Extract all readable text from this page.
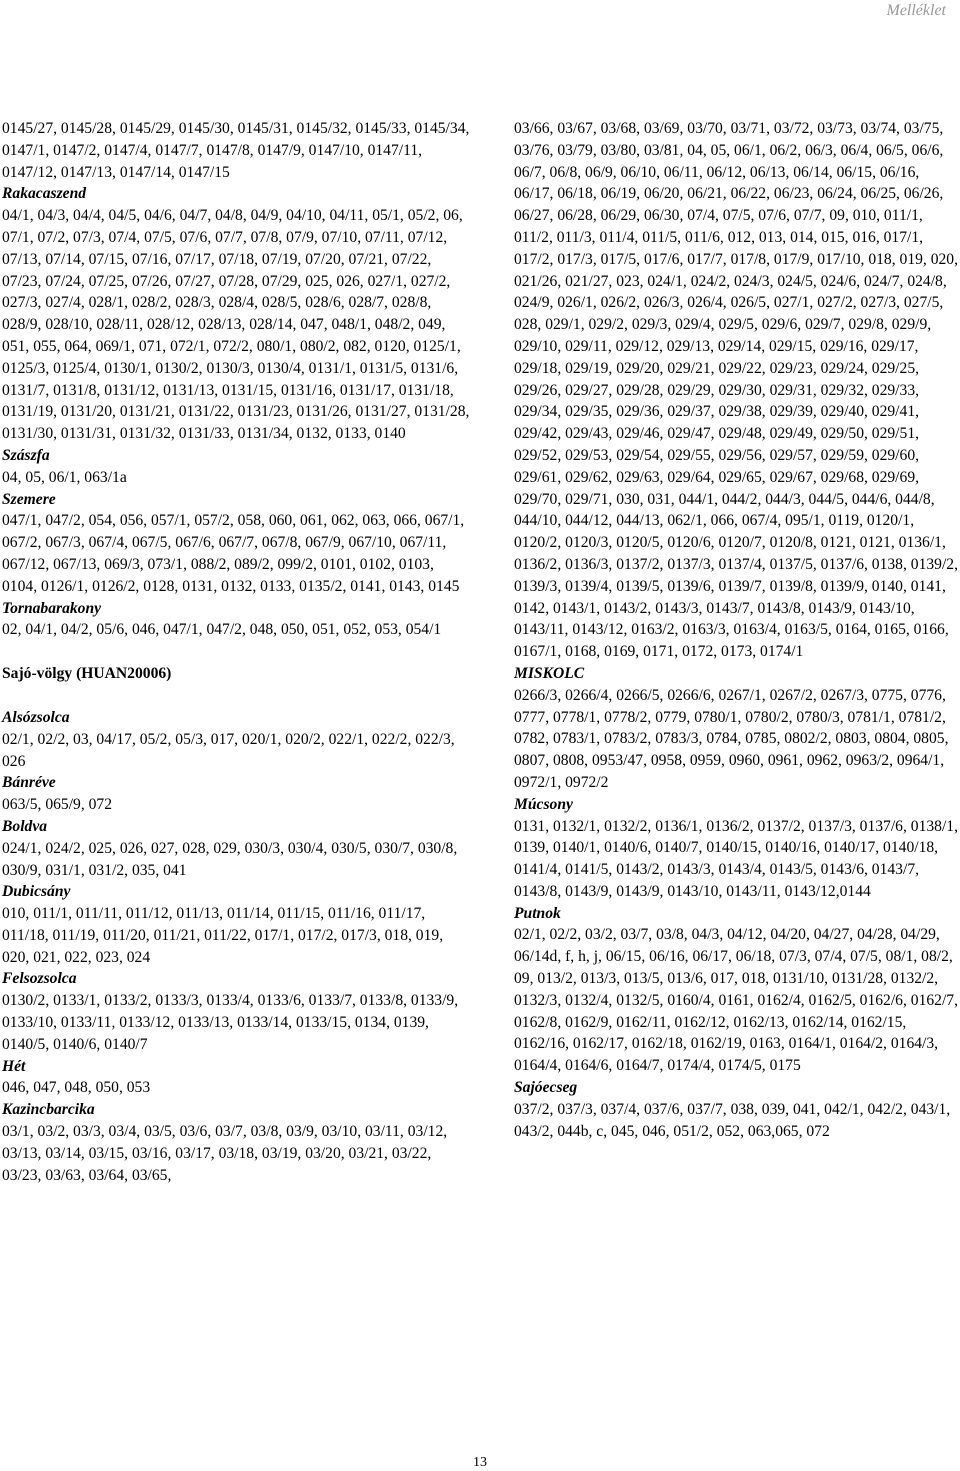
Melléklet
0145/27, 0145/28, 0145/29, 0145/30, 0145/31, 0145/32, 0145/33, 0145/34, 0147/1, 0147/2, 0147/4, 0147/7, 0147/8, 0147/9, 0147/10, 0147/11, 0147/12, 0147/13, 0147/14, 0147/15
Rakacaszend
04/1, 04/3, 04/4, 04/5, 04/6, 04/7, 04/8, 04/9, 04/10, 04/11, 05/1, 05/2, 06, 07/1, 07/2, 07/3, 07/4, 07/5, 07/6, 07/7, 07/8, 07/9, 07/10, 07/11, 07/12, 07/13, 07/14, 07/15, 07/16, 07/17, 07/18, 07/19, 07/20, 07/21, 07/22, 07/23, 07/24, 07/25, 07/26, 07/27, 07/28, 07/29, 025, 026, 027/1, 027/2, 027/3, 027/4, 028/1, 028/2, 028/3, 028/4, 028/5, 028/6, 028/7, 028/8, 028/9, 028/10, 028/11, 028/12, 028/13, 028/14, 047, 048/1, 048/2, 049, 051, 055, 064, 069/1, 071, 072/1, 072/2, 080/1, 080/2, 082, 0120, 0125/1, 0125/3, 0125/4, 0130/1, 0130/2, 0130/3, 0130/4, 0131/1, 0131/5, 0131/6, 0131/7, 0131/8, 0131/12, 0131/13, 0131/15, 0131/16, 0131/17, 0131/18, 0131/19, 0131/20, 0131/21, 0131/22, 0131/23, 0131/26, 0131/27, 0131/28, 0131/30, 0131/31, 0131/32, 0131/33, 0131/34, 0132, 0133, 0140
Szászfa
04, 05, 06/1, 063/1a
Szemere
047/1, 047/2, 054, 056, 057/1, 057/2, 058, 060, 061, 062, 063, 066, 067/1, 067/2, 067/3, 067/4, 067/5, 067/6, 067/7, 067/8, 067/9, 067/10, 067/11, 067/12, 067/13, 069/3, 073/1, 088/2, 089/2, 099/2, 0101, 0102, 0103, 0104, 0126/1, 0126/2, 0128, 0131, 0132, 0133, 0135/2, 0141, 0143, 0145
Tornabarakony
02, 04/1, 04/2, 05/6, 046, 047/1, 047/2, 048, 050, 051, 052, 053, 054/1
Sajó-völgy (HUAN20006)
Alsózsolca
02/1, 02/2, 03, 04/17, 05/2, 05/3, 017, 020/1, 020/2, 022/1, 022/2, 022/3, 026
Bánréve
063/5, 065/9, 072
Boldva
024/1, 024/2, 025, 026, 027, 028, 029, 030/3, 030/4, 030/5, 030/7, 030/8, 030/9, 031/1, 031/2, 035, 041
Dubicsány
010, 011/1, 011/11, 011/12, 011/13, 011/14, 011/15, 011/16, 011/17, 011/18, 011/19, 011/20, 011/21, 011/22, 017/1, 017/2, 017/3, 018, 019, 020, 021, 022, 023, 024
Felsozsolca
0130/2, 0133/1, 0133/2, 0133/3, 0133/4, 0133/6, 0133/7, 0133/8, 0133/9, 0133/10, 0133/11, 0133/12, 0133/13, 0133/14, 0133/15, 0134, 0139, 0140/5, 0140/6, 0140/7
Hét
046, 047, 048, 050, 053
Kazincbarcika
03/1, 03/2, 03/3, 03/4, 03/5, 03/6, 03/7, 03/8, 03/9, 03/10, 03/11, 03/12, 03/13, 03/14, 03/15, 03/16, 03/17, 03/18, 03/19, 03/20, 03/21, 03/22, 03/23, 03/63, 03/64, 03/65,
03/66, 03/67, 03/68, 03/69, 03/70, 03/71, 03/72, 03/73, 03/74, 03/75, 03/76, 03/79, 03/80, 03/81, 04, 05, 06/1, 06/2, 06/3, 06/4, 06/5, 06/6, 06/7, 06/8, 06/9, 06/10, 06/11, 06/12, 06/13, 06/14, 06/15, 06/16, 06/17, 06/18, 06/19, 06/20, 06/21, 06/22, 06/23, 06/24, 06/25, 06/26, 06/27, 06/28, 06/29, 06/30, 07/4, 07/5, 07/6, 07/7, 09, 010, 011/1, 011/2, 011/3, 011/4, 011/5, 011/6, 012, 013, 014, 015, 016, 017/1, 017/2, 017/3, 017/5, 017/6, 017/7, 017/8, 017/9, 017/10, 018, 019, 020, 021/26, 021/27, 023, 024/1, 024/2, 024/3, 024/5, 024/6, 024/7, 024/8, 024/9, 026/1, 026/2, 026/3, 026/4, 026/5, 027/1, 027/2, 027/3, 027/5, 028, 029/1, 029/2, 029/3, 029/4, 029/5, 029/6, 029/7, 029/8, 029/9, 029/10, 029/11, 029/12, 029/13, 029/14, 029/15, 029/16, 029/17, 029/18, 029/19, 029/20, 029/21, 029/22, 029/23, 029/24, 029/25, 029/26, 029/27, 029/28, 029/29, 029/30, 029/31, 029/32, 029/33, 029/34, 029/35, 029/36, 029/37, 029/38, 029/39, 029/40, 029/41, 029/42, 029/43, 029/46, 029/47, 029/48, 029/49, 029/50, 029/51, 029/52, 029/53, 029/54, 029/55, 029/56, 029/57, 029/59, 029/60, 029/61, 029/62, 029/63, 029/64, 029/65, 029/67, 029/68, 029/69, 029/70, 029/71, 030, 031, 044/1, 044/2, 044/3, 044/5, 044/6, 044/8, 044/10, 044/12, 044/13, 062/1, 066, 067/4, 095/1, 0119, 0120/1, 0120/2, 0120/3, 0120/5, 0120/6, 0120/7, 0120/8, 0121, 0121, 0136/1, 0136/2, 0136/3, 0137/2, 0137/3, 0137/4, 0137/5, 0137/6, 0138, 0139/2, 0139/3, 0139/4, 0139/5, 0139/6, 0139/7, 0139/8, 0139/9, 0140, 0141, 0142, 0143/1, 0143/2, 0143/3, 0143/7, 0143/8, 0143/9, 0143/10, 0143/11, 0143/12, 0163/2, 0163/3, 0163/4, 0163/5, 0164, 0165, 0166, 0167/1, 0168, 0169, 0171, 0172, 0173, 0174/1
MISKOLC
0266/3, 0266/4, 0266/5, 0266/6, 0267/1, 0267/2, 0267/3, 0775, 0776, 0777, 0778/1, 0778/2, 0779, 0780/1, 0780/2, 0780/3, 0781/1, 0781/2, 0782, 0783/1, 0783/2, 0783/3, 0784, 0785, 0802/2, 0803, 0804, 0805, 0807, 0808, 0953/47, 0958, 0959, 0960, 0961, 0962, 0963/2, 0964/1, 0972/1, 0972/2
Múcsony
0131, 0132/1, 0132/2, 0136/1, 0136/2, 0137/2, 0137/3, 0137/6, 0138/1, 0139, 0140/1, 0140/6, 0140/7, 0140/15, 0140/16, 0140/17, 0140/18, 0141/4, 0141/5, 0143/2, 0143/3, 0143/4, 0143/5, 0143/6, 0143/7, 0143/8, 0143/9, 0143/9, 0143/10, 0143/11, 0143/12,0144
Putnok
02/1, 02/2, 03/2, 03/7, 03/8, 04/3, 04/12, 04/20, 04/27, 04/28, 04/29, 06/14d, f, h, j, 06/15, 06/16, 06/17, 06/18, 07/3, 07/4, 07/5, 08/1, 08/2, 09, 013/2, 013/3, 013/5, 013/6, 017, 018, 0131/10, 0131/28, 0132/2, 0132/3, 0132/4, 0132/5, 0160/4, 0161, 0162/4, 0162/5, 0162/6, 0162/7, 0162/8, 0162/9, 0162/11, 0162/12, 0162/13, 0162/14, 0162/15, 0162/16, 0162/17, 0162/18, 0162/19, 0163, 0164/1, 0164/2, 0164/3, 0164/4, 0164/6, 0164/7, 0174/4, 0174/5, 0175
Sajóecseg
037/2, 037/3, 037/4, 037/6, 037/7, 038, 039, 041, 042/1, 042/2, 043/1, 043/2, 044b, c, 045, 046, 051/2, 052, 063,065, 072
13
